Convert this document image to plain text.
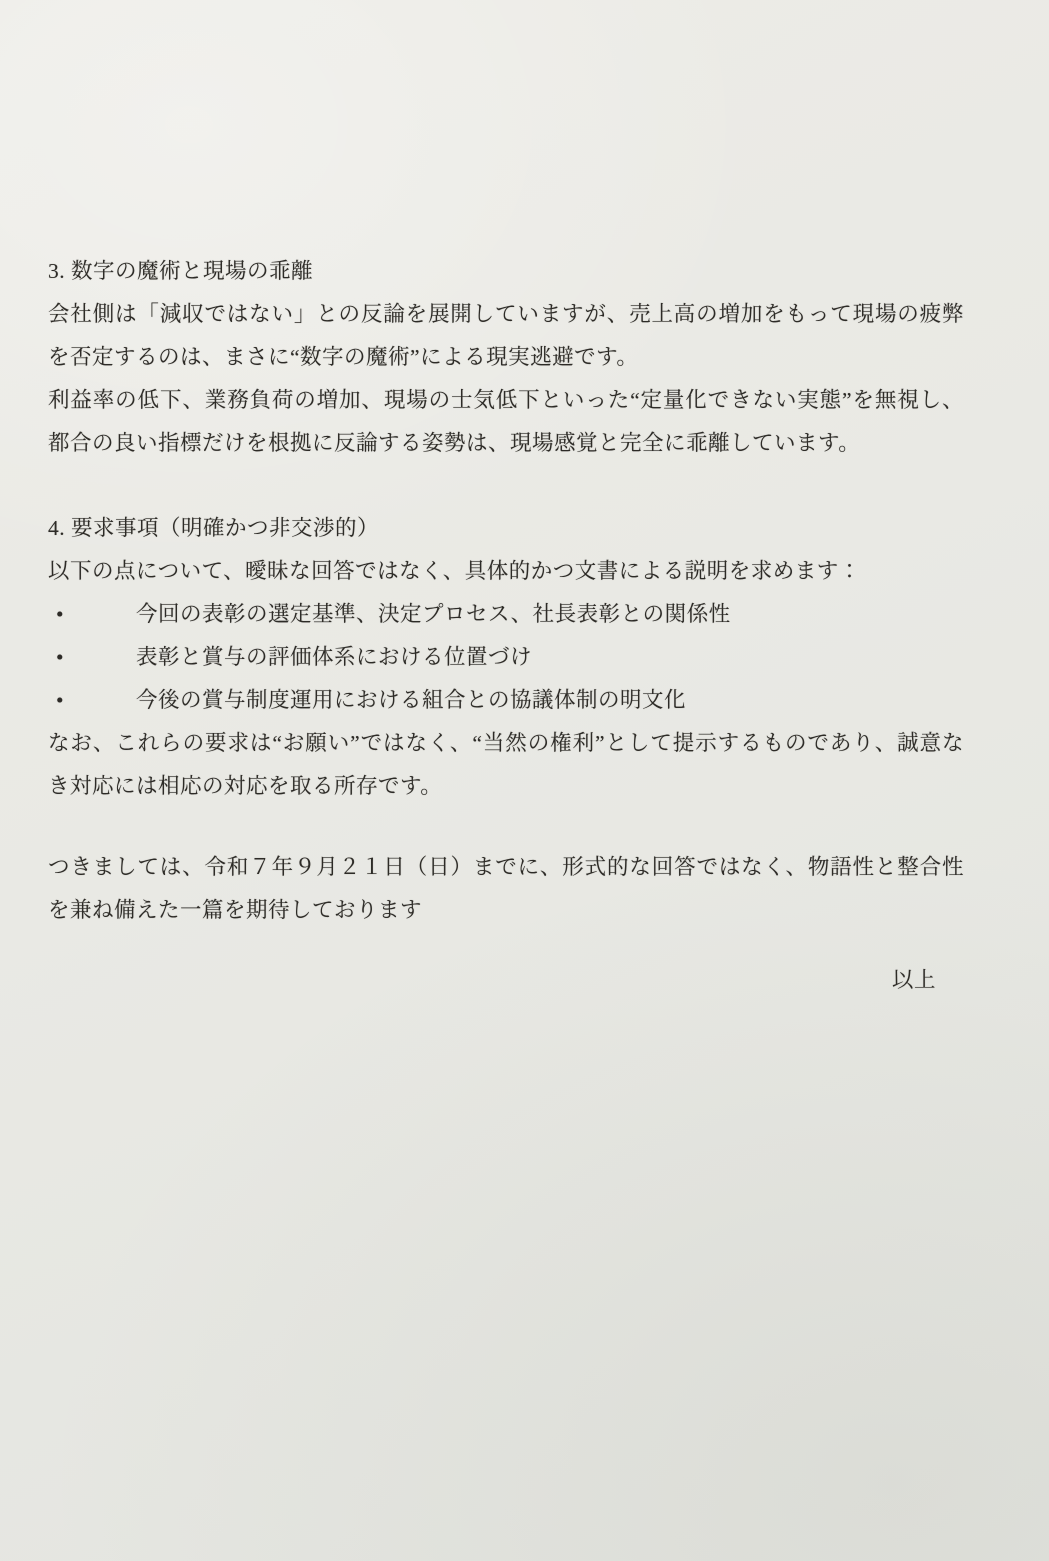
3. 数字の魔術と現場の乖離

会社側は「減収ではない」との反論を展開していますが、売上高の増加をもって現場の疲弊を否定するのは、まさに“数字の魔術”による現実逃避です。

利益率の低下、業務負荷の増加、現場の士気低下といった“定量化できない実態”を無視し、都合の良い指標だけを根拠に反論する姿勢は、現場感覚と完全に乖離しています。

4. 要求事項（明確かつ非交渉的）

以下の点について、曖昧な回答ではなく、具体的かつ文書による説明を求めます：

•	今回の表彰の選定基準、決定プロセス、社長表彰との関係性
•	表彰と賞与の評価体系における位置づけ
•	今後の賞与制度運用における組合との協議体制の明文化

なお、これらの要求は“お願い”ではなく、“当然の権利”として提示するものであり、誠意なき対応には相応の対応を取る所存です。

つきましては、令和７年９月２１日（日）までに、形式的な回答ではなく、物語性と整合性を兼ね備えた一篇を期待しております

以上
